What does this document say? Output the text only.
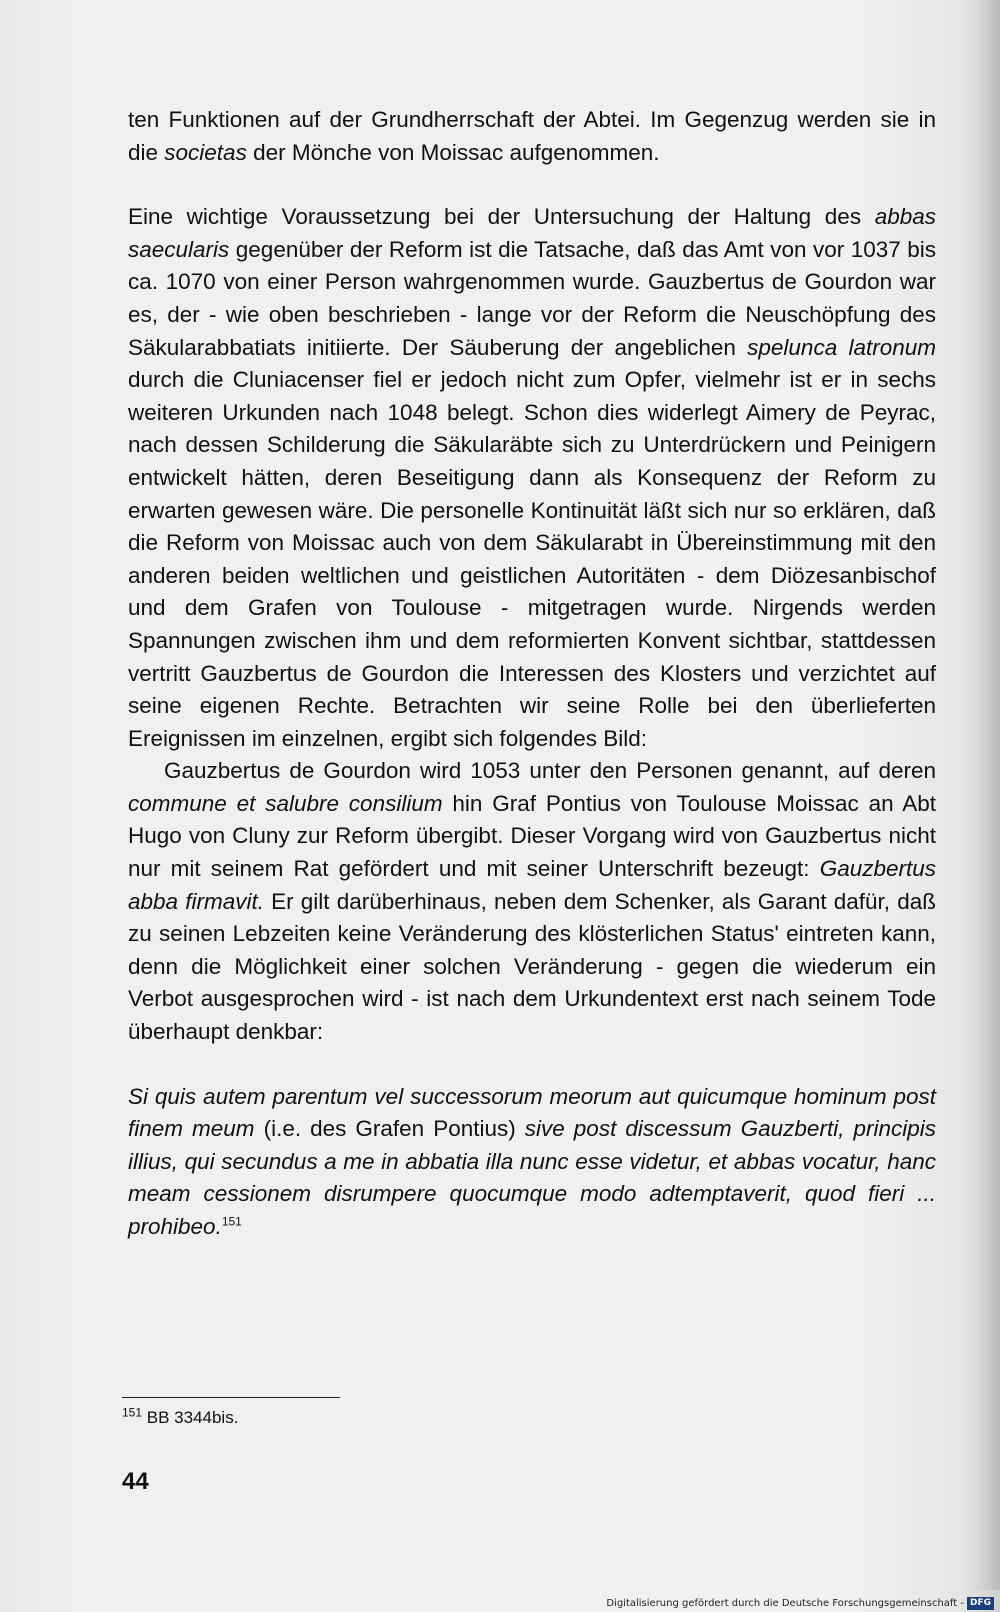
ten Funktionen auf der Grundherrschaft der Abtei. Im Gegenzug werden sie in die societas der Mönche von Moissac aufgenommen.

Eine wichtige Voraussetzung bei der Untersuchung der Haltung des abbas saecularis gegenüber der Reform ist die Tatsache, daß das Amt von vor 1037 bis ca. 1070 von einer Person wahrgenommen wurde. Gauzbertus de Gourdon war es, der - wie oben beschrieben - lange vor der Reform die Neuschöpfung des Säkularabbatiats initiierte. Der Säuberung der angeblichen spelunca latronum durch die Cluniacenser fiel er jedoch nicht zum Opfer, vielmehr ist er in sechs weiteren Urkunden nach 1048 belegt. Schon dies widerlegt Aimery de Peyrac, nach dessen Schilderung die Säkularäbte sich zu Unterdrückern und Peinigern entwickelt hätten, deren Beseitigung dann als Konsequenz der Reform zu erwarten gewesen wäre. Die personelle Kontinuität läßt sich nur so erklären, daß die Reform von Moissac auch von dem Säkularabt in Übereinstimmung mit den anderen beiden weltlichen und geistlichen Autoritäten - dem Diözesanbischof und dem Grafen von Toulouse - mitgetragen wurde. Nirgends werden Spannungen zwischen ihm und dem reformierten Konvent sichtbar, stattdessen vertritt Gauzbertus de Gourdon die Interessen des Klosters und verzichtet auf seine eigenen Rechte. Betrachten wir seine Rolle bei den überlieferten Ereignissen im einzelnen, ergibt sich folgendes Bild:

Gauzbertus de Gourdon wird 1053 unter den Personen genannt, auf deren commune et salubre consilium hin Graf Pontius von Toulouse Moissac an Abt Hugo von Cluny zur Reform übergibt. Dieser Vorgang wird von Gauzbertus nicht nur mit seinem Rat gefördert und mit seiner Unterschrift bezeugt: Gauzbertus abba firmavit. Er gilt darüberhinaus, neben dem Schenker, als Garant dafür, daß zu seinen Lebzeiten keine Veränderung des klösterlichen Status' eintreten kann, denn die Möglichkeit einer solchen Veränderung - gegen die wiederum ein Verbot ausgesprochen wird - ist nach dem Urkundentext erst nach seinem Tode überhaupt denkbar:

Si quis autem parentum vel successorum meorum aut quicumque hominum post finem meum (i.e. des Grafen Pontius) sive post discessum Gauzberti, principis illius, qui secundus a me in abbatia illa nunc esse videtur, et abbas vocatur, hanc meam cessionem disrumpere quocumque modo adtemptaverit, quod fieri ... prohibeo.$^{151}$

$^{151}$ BB 3344bis.
44
Digitalisierung gefördert durch die Deutsche Forschungsgemeinschaft - DFG
